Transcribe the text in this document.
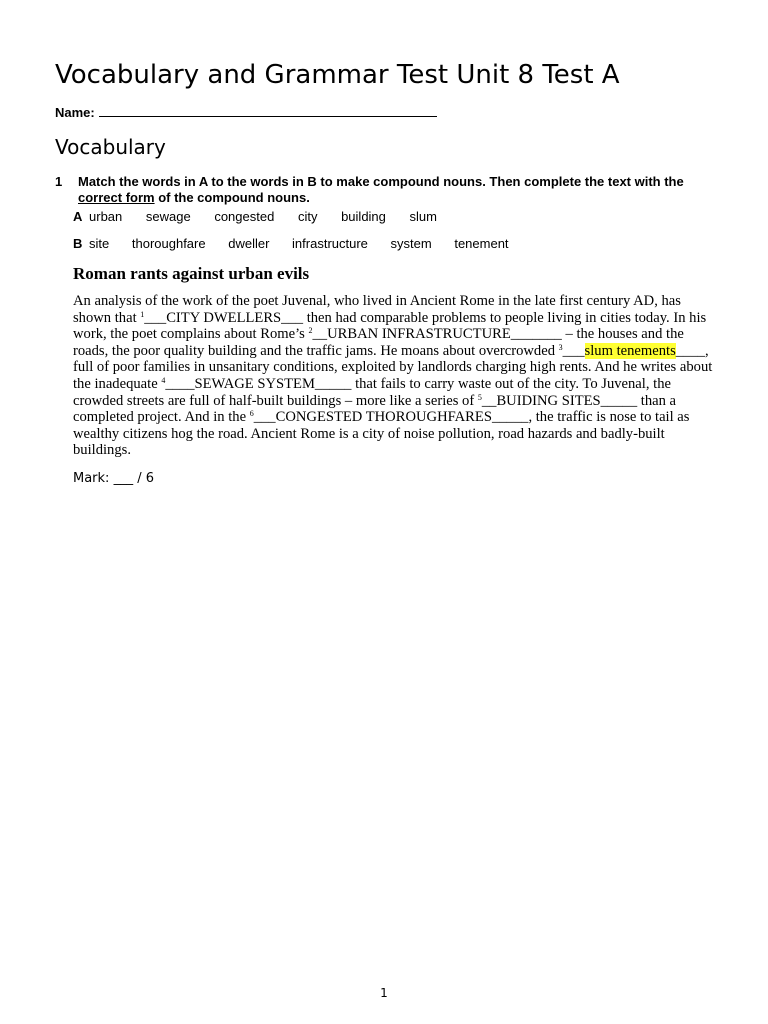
Vocabulary and Grammar Test Unit 8 Test A
Name:
Vocabulary
1 Match the words in A to the words in B to make compound nouns. Then complete the text with the correct form of the compound nouns.
A urban sewage congested city building slum
B site thoroughfare dweller infrastructure system tenement
Roman rants against urban evils

An analysis of the work of the poet Juvenal, who lived in Ancient Rome in the late first century AD, has shown that $^1$___CITY DWELLERS___ then had comparable problems to people living in cities today. In his work, the poet complains about Rome’s $^2$__URBAN INFRASTRUCTURE_______ – the houses and the roads, the poor quality building and the traffic jams. He moans about overcrowded $^3$___slum tenements____, full of poor families in unsanitary conditions, exploited by landlords charging high rents. And he writes about the inadequate $^4$____SEWAGE SYSTEM_____ that fails to carry waste out of the city. To Juvenal, the crowded streets are full of half-built buildings – more like a series of $^5$__BUIDING SITES_____ than a completed project. And in the $^6$___CONGESTED THOROUGHFARES_____, the traffic is nose to tail as wealthy citizens hog the road. Ancient Rome is a city of noise pollution, road hazards and badly-built buildings.

Mark: ___ / 6
1
